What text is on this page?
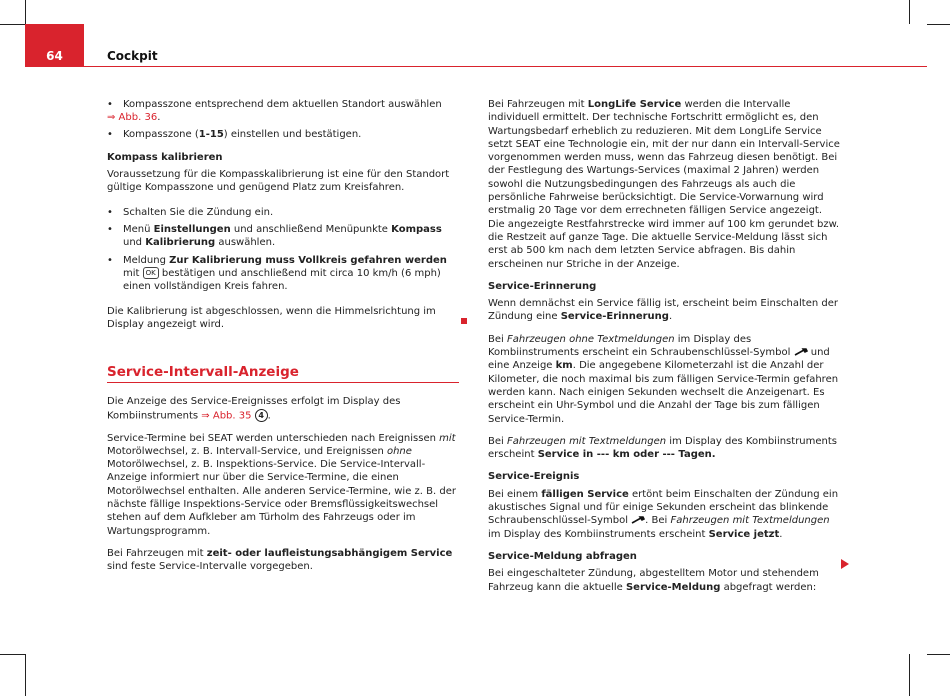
64	Cockpit

• Kompasszone entsprechend dem aktuellen Standort auswählen

⇒ Abb. 36.

• Kompasszone (1-15) einstellen und bestätigen.

Kompass kalibrieren

Voraussetzung für die Kompasskalibrierung ist eine für den Standort gültige Kompasszone und genügend Platz zum Kreisfahren.

• Schalten Sie die Zündung ein.

• Menü Einstellungen und anschließend Menüpunkte Kompass und Kalibrierung auswählen.

• Meldung Zur Kalibrierung muss Vollkreis gefahren werden mit OK bestätigen und anschließend mit circa 10 km/h (6 mph) einen vollständigen Kreis fahren.

Die Kalibrierung ist abgeschlossen, wenn die Himmelsrichtung im Display angezeigt wird.

Service-Intervall-Anzeige

Die Anzeige des Service-Ereignisses erfolgt im Display des Kombiinstruments ⇒ Abb. 35 4 .

Service-Termine bei SEAT werden unterschieden nach Ereignissen mit Motorölwechsel, z. B. Intervall-Service, und Ereignissen ohne Motorölwechsel, z. B. Inspektions-Service. Die Service-Intervall-Anzeige informiert nur über die Service-Termine, die einen Motorölwechsel enthalten. Alle anderen Service-Termine, wie z. B. der nächste fällige Inspektions-Service oder Bremsflüssigkeitswechsel stehen auf dem Aufkleber am Türholm des Fahrzeugs oder im Wartungsprogramm.

Bei Fahrzeugen mit zeit- oder laufleistungsabhängigem Service sind feste Service-Intervalle vorgegeben.

Bei Fahrzeugen mit LongLife Service werden die Intervalle individuell ermittelt. Der technische Fortschritt ermöglicht es, den Wartungsbedarf erheblich zu reduzieren. Mit dem LongLife Service setzt SEAT eine Technologie ein, mit der nur dann ein Intervall-Service vorgenommen werden muss, wenn das Fahrzeug diesen benötigt. Bei der Festlegung des Wartungs-Services (maximal 2 Jahren) werden sowohl die Nutzungsbedingungen des Fahrzeugs als auch die persönliche Fahrweise berücksichtigt. Die Service-Vorwarnung wird erstmalig 20 Tage vor dem errechneten fälligen Service angezeigt. Die angezeigte Restfahrstrecke wird immer auf 100 km gerundet bzw. die Restzeit auf ganze Tage. Die aktuelle Service-Meldung lässt sich erst ab 500 km nach dem letzten Service abfragen. Bis dahin erscheinen nur Striche in der Anzeige.

Service-Erinnerung

Wenn demnächst ein Service fällig ist, erscheint beim Einschalten der Zündung eine Service-Erinnerung.

Bei Fahrzeugen ohne Textmeldungen im Display des Kombiinstruments erscheint ein Schraubenschlüssel-Symbol  und eine Anzeige km. Die angegebene Kilometerzahl ist die Anzahl der Kilometer, die noch maximal bis zum fälligen Service-Termin gefahren werden kann. Nach einigen Sekunden wechselt die Anzeigenart. Es erscheint ein Uhr-Symbol und die Anzahl der Tage bis zum fälligen Service-Termin.

Bei Fahrzeugen mit Textmeldungen im Display des Kombiinstruments erscheint Service in --- km oder --- Tagen.

Service-Ereignis

Bei einem fälligen Service ertönt beim Einschalten der Zündung ein akustisches Signal und für einige Sekunden erscheint das blinkende Schraubenschlüssel-Symbol . Bei Fahrzeugen mit Textmeldungen im Display des Kombiinstruments erscheint Service jetzt.

Service-Meldung abfragen

Bei eingeschalteter Zündung, abgestelltem Motor und stehendem Fahrzeug kann die aktuelle Service-Meldung abgefragt werden:
